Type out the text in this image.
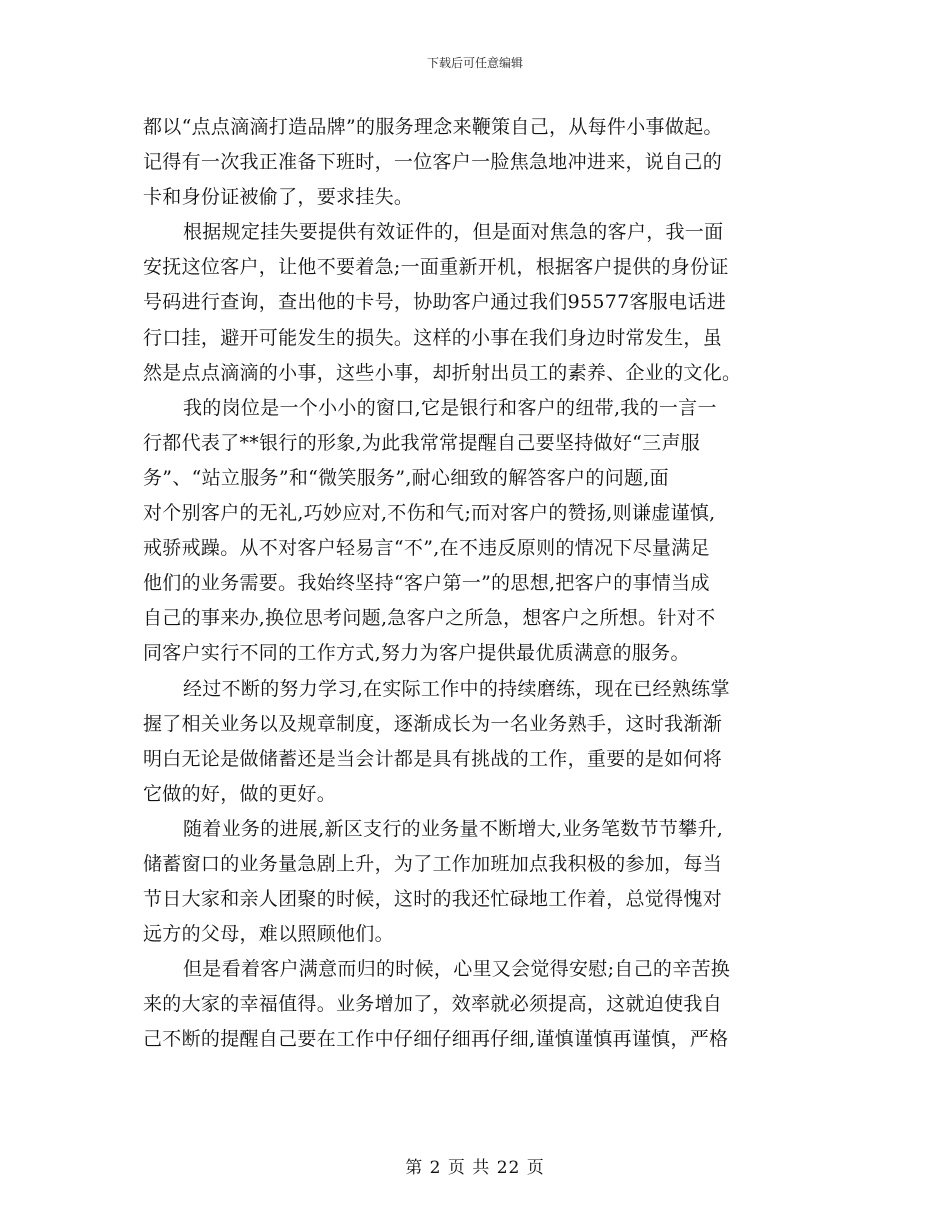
下载后可任意编辑
都以“点点滴滴打造品牌”的服务理念来鞭策自己，从每件小事做起。
记得有一次我正准备下班时，一位客户一脸焦急地冲进来，说自己的
卡和身份证被偷了，要求挂失。
根据规定挂失要提供有效证件的，但是面对焦急的客户，我一面
安抚这位客户，让他不要着急;一面重新开机，根据客户提供的身份证
号码进行查询，查出他的卡号，协助客户通过我们95577客服电话进
行口挂，避开可能发生的损失。这样的小事在我们身边时常发生，虽
然是点点滴滴的小事，这些小事，却折射出员工的素养、企业的文化。
我的岗位是一个小小的窗口,它是银行和客户的纽带,我的一言一
行都代表了**银行的形象,为此我常常提醒自己要坚持做好“三声服
务”、“站立服务”和“微笑服务”,耐心细致的解答客户的问题,面
对个别客户的无礼,巧妙应对,不伤和气;而对客户的赞扬,则谦虚谨慎,
戒骄戒躁。从不对客户轻易言“不”,在不违反原则的情况下尽量满足
他们的业务需要。我始终坚持“客户第一”的思想,把客户的事情当成
自己的事来办,换位思考问题,急客户之所急，想客户之所想。针对不
同客户实行不同的工作方式,努力为客户提供最优质满意的服务。
经过不断的努力学习,在实际工作中的持续磨练，现在已经熟练掌
握了相关业务以及规章制度，逐渐成长为一名业务熟手，这时我渐渐
明白无论是做储蓄还是当会计都是具有挑战的工作，重要的是如何将
它做的好，做的更好。
随着业务的进展,新区支行的业务量不断增大,业务笔数节节攀升,
储蓄窗口的业务量急剧上升，为了工作加班加点我积极的参加，每当
节日大家和亲人团聚的时候，这时的我还忙碌地工作着，总觉得愧对
远方的父母，难以照顾他们。
但是看着客户满意而归的时候，心里又会觉得安慰;自己的辛苦换
来的大家的幸福值得。业务增加了，效率就必须提高，这就迫使我自
己不断的提醒自己要在工作中仔细仔细再仔细,谨慎谨慎再谨慎，严格
第 2 页 共 22 页
